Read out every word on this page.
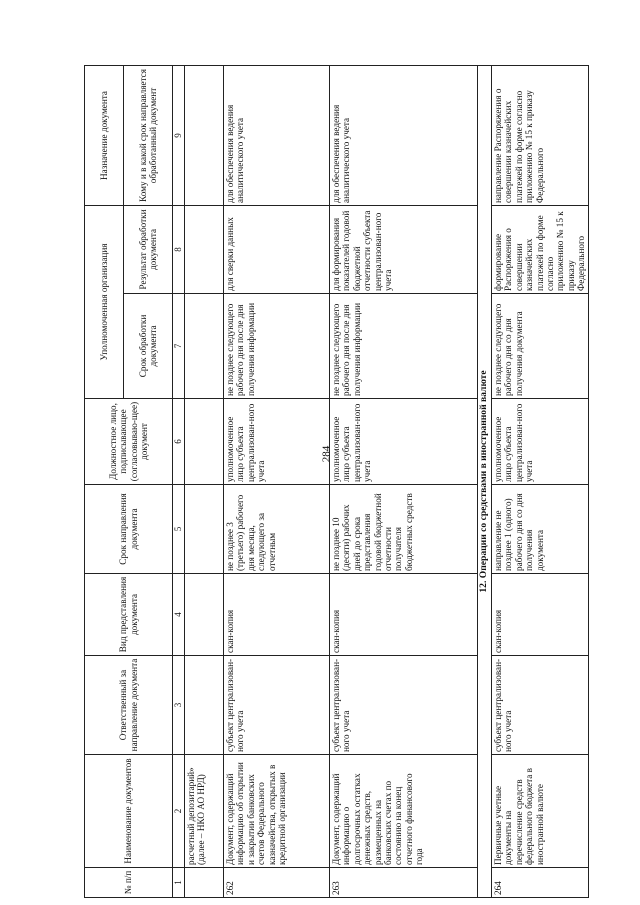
284
№ п/п	Наименование документов	Ответственный за направление документа	Вид представления документа	Срок направления документа	Должностное лицо, подписывающее (согласовываю-щее) документ	Уполномоченная организация		Назначение документа
						Срок обработки документа	Результат обработки документа	Кому и в какой срок направляется обработанный документ
1	2	3	4	5	6	7	8	9
	расчетный депозитарий» (далее – НКО АО НРД)							
262	Документ, содержащий информацию об открытии и закрытии банковских счетов Федерального казначейства, открытых в кредитной организации	субъект централизован-ного учета	скан-копия	не позднее 3 (третьего) рабочего дня месяца, следующего за отчетным	уполномоченное лицо субъекта централизован-ного учета	не позднее следующего рабочего дня после дня получения информации	для сверки данных	для обеспечения ведения аналитического учета
263	Документ, содержащий информацию о долгосрочных остатках денежных средств, размещенных на банковских счетах по состоянию на конец отчетного финансового года	субъект централизован-ного учета	скан-копия	не позднее 10 (десяти) рабочих дней до срока представления годовой бюджетной отчетности получателя бюджетных средств	уполномоченное лицо субъекта централизован-ного учета	не позднее следующего рабочего дня после дня получения информации	для формирования показателей годовой бюджетной отчетности субъекта централизован-ного учета	для обеспечения ведения аналитического учета
12. Операции со средствами в иностранной валюте								
264	Первичные учетные документы на перечисление средств федерального бюджета в иностранной валюте	субъект централизован-ного учета	скан-копия	направление не позднее 1 (одного) рабочего дня со дня получения документа	уполномоченное лицо субъекта централизован-ного учета	не позднее следующего рабочего дня со дня получения документа	формирование Распоряжения о совершении казначейских платежей по форме согласно приложению № 15 к приказу Федерального	направление Распоряжения о совершении казначейских платежей по форме согласно приложению № 15 к приказу Федерального
